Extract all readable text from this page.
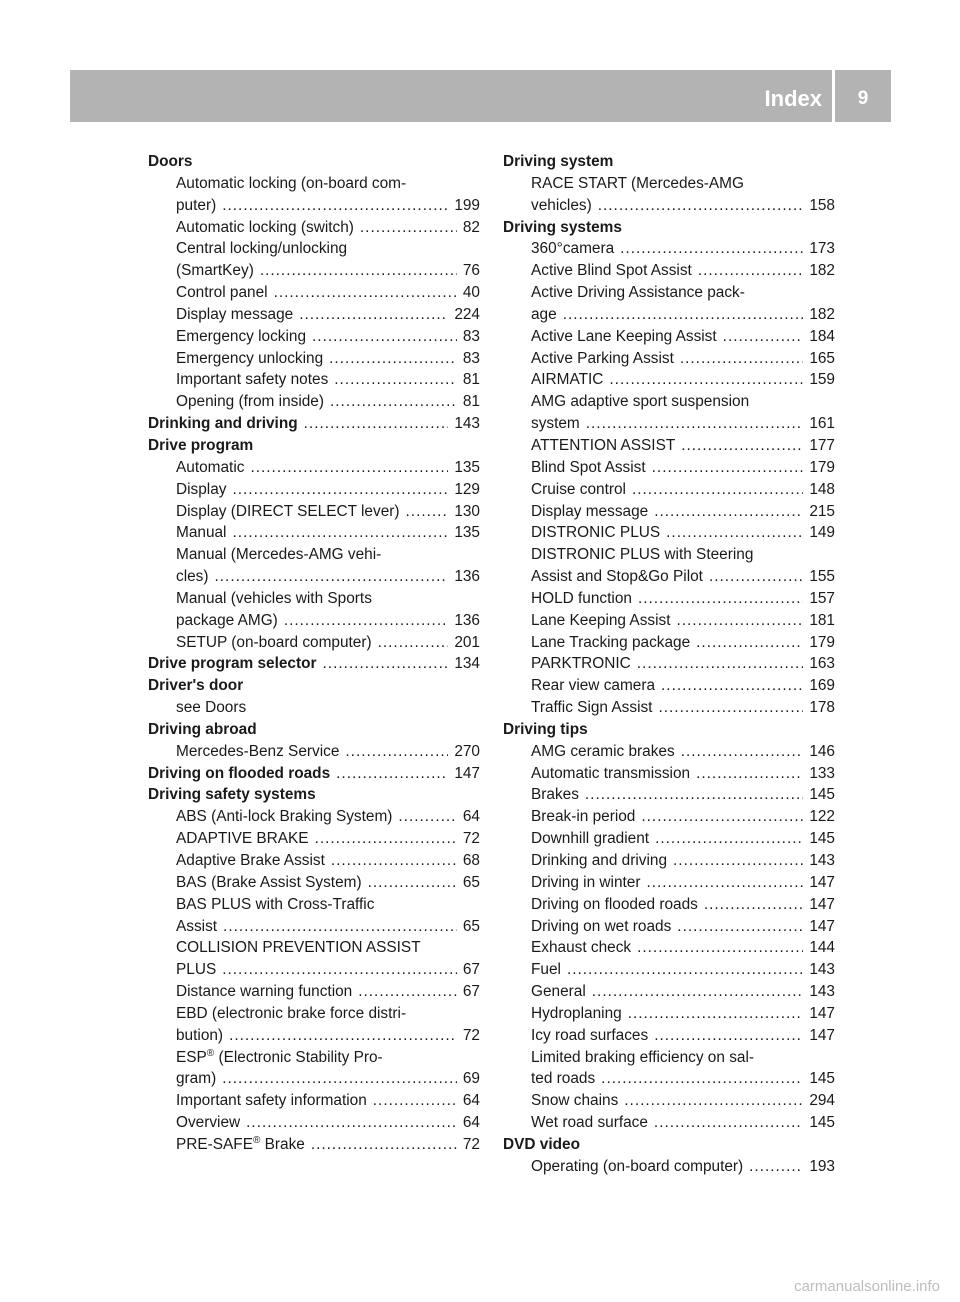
Index	9
Doors
Automatic locking (on-board com-
puter) .....	199
Automatic locking (switch) .....	82
Central locking/unlocking
(SmartKey) .....	76
Control panel .....	40
Display message .....	224
Emergency locking .....	83
Emergency unlocking .....	83
Important safety notes .....	81
Opening (from inside) .....	81
Drinking and driving .....	143
Drive program
Automatic .....	135
Display .....	129
Display (DIRECT SELECT lever) .....	130
Manual .....	135
Manual (Mercedes-AMG vehi-
cles) .....	136
Manual (vehicles with Sports
package AMG) .....	136
SETUP (on-board computer) .....	201
Drive program selector .....	134
Driver's door
see Doors
Driving abroad
Mercedes-Benz Service .....	270
Driving on flooded roads .....	147
Driving safety systems
ABS (Anti-lock Braking System) .....	64
ADAPTIVE BRAKE .....	72
Adaptive Brake Assist .....	68
BAS (Brake Assist System) .....	65
BAS PLUS with Cross-Traffic
Assist .....	65
COLLISION PREVENTION ASSIST
PLUS .....	67
Distance warning function .....	67
EBD (electronic brake force distri-
bution) .....	72
ESP® (Electronic Stability Pro-
gram) .....	69
Important safety information .....	64
Overview .....	64
PRE-SAFE® Brake .....	72
Driving system
RACE START (Mercedes-AMG
vehicles) .....	158
Driving systems
360°camera .....	173
Active Blind Spot Assist .....	182
Active Driving Assistance pack-
age .....	182
Active Lane Keeping Assist .....	184
Active Parking Assist .....	165
AIRMATIC .....	159
AMG adaptive sport suspension
system .....	161
ATTENTION ASSIST .....	177
Blind Spot Assist .....	179
Cruise control .....	148
Display message .....	215
DISTRONIC PLUS .....	149
DISTRONIC PLUS with Steering
Assist and Stop&Go Pilot .....	155
HOLD function .....	157
Lane Keeping Assist .....	181
Lane Tracking package .....	179
PARKTRONIC .....	163
Rear view camera .....	169
Traffic Sign Assist .....	178
Driving tips
AMG ceramic brakes .....	146
Automatic transmission .....	133
Brakes .....	145
Break-in period .....	122
Downhill gradient .....	145
Drinking and driving .....	143
Driving in winter .....	147
Driving on flooded roads .....	147
Driving on wet roads .....	147
Exhaust check .....	144
Fuel .....	143
General .....	143
Hydroplaning .....	147
Icy road surfaces .....	147
Limited braking efficiency on sal-
ted roads .....	145
Snow chains .....	294
Wet road surface .....	145
DVD video
Operating (on-board computer) .....	193
carmanualsonline.info
